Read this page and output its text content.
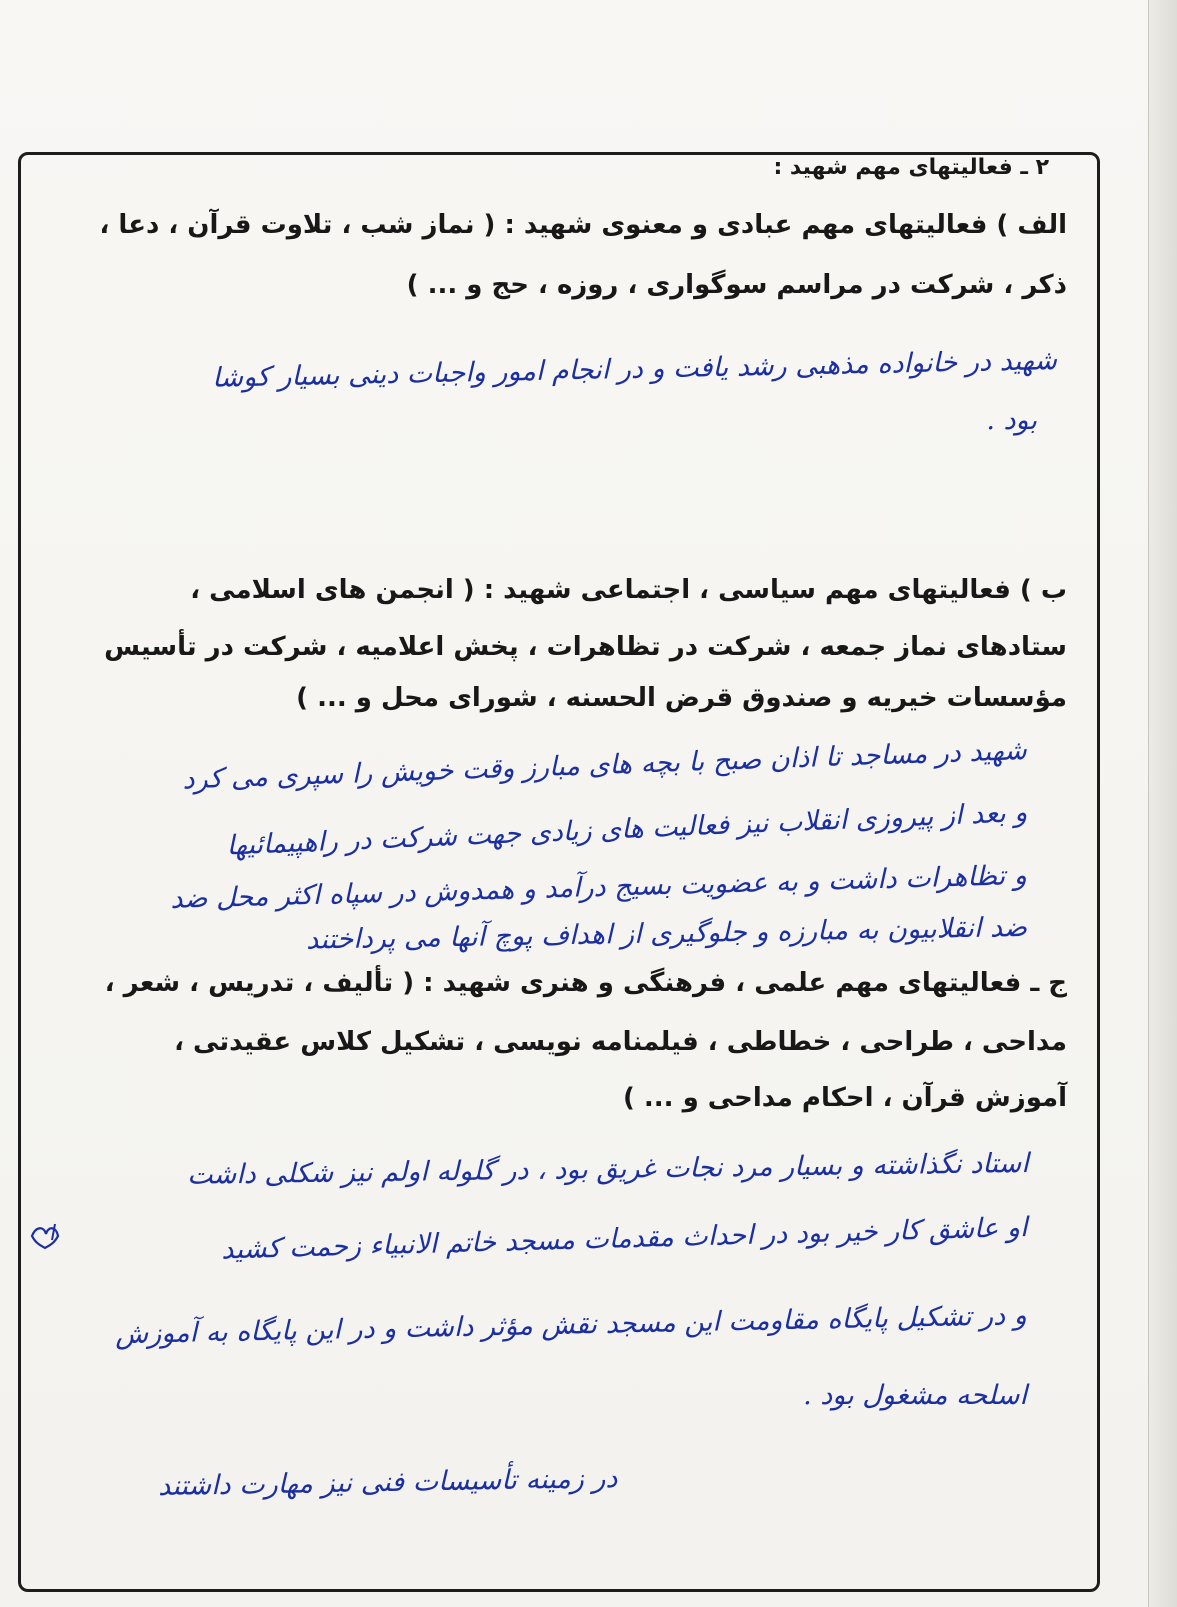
۲ ـ فعالیتهای مهم شهید :
الف ) فعالیتهای مهم عبادی و معنوی شهید : ( نماز شب ، تلاوت قرآن ، دعا ،
ذکر ، شرکت در مراسم سوگواری ، روزه ، حج و ... )
شهید در خانواده مذهبی رشد یافت و در انجام امور واجبات دینی بسیار کوشا
بود .
ب ) فعالیتهای مهم سیاسی ، اجتماعی شهید : ( انجمن های اسلامی ،
ستادهای نماز جمعه ، شرکت در تظاهرات ، پخش اعلامیه ، شرکت در تأسیس
مؤسسات خیریه و صندوق قرض الحسنه ، شورای محل و ... )
شهید در مساجد تا اذان صبح با بچه های مبارز وقت خویش را سپری می کرد
و بعد از پیروزی انقلاب نیز فعالیت های زیادی جهت شرکت در راهپیمائیها
و تظاهرات داشت و به عضویت بسیج درآمد و همدوش در سپاه اکثر محل ضد
ضد انقلابیون به مبارزه و جلوگیری از اهداف پوچ آنها می پرداختند
ج ـ فعالیتهای مهم علمی ، فرهنگی و هنری شهید : ( تألیف ، تدریس ، شعر ،
مداحی ، طراحی ، خطاطی ، فیلمنامه نویسی ، تشکیل کلاس عقیدتی ،
آموزش قرآن ، احکام مداحی و ... )
استاد نگذاشته و بسیار مرد نجات غریق بود ، در گلوله اولم نیز شکلی داشت
او عاشق کار خیر بود در احداث مقدمات مسجد خاتم الانبیاء زحمت کشید
و در تشکیل پایگاه مقاومت این مسجد نقش مؤثر داشت و در این پایگاه به آموزش
اسلحه مشغول بود .
در زمینه تأسیسات فنی نیز مهارت داشتند
